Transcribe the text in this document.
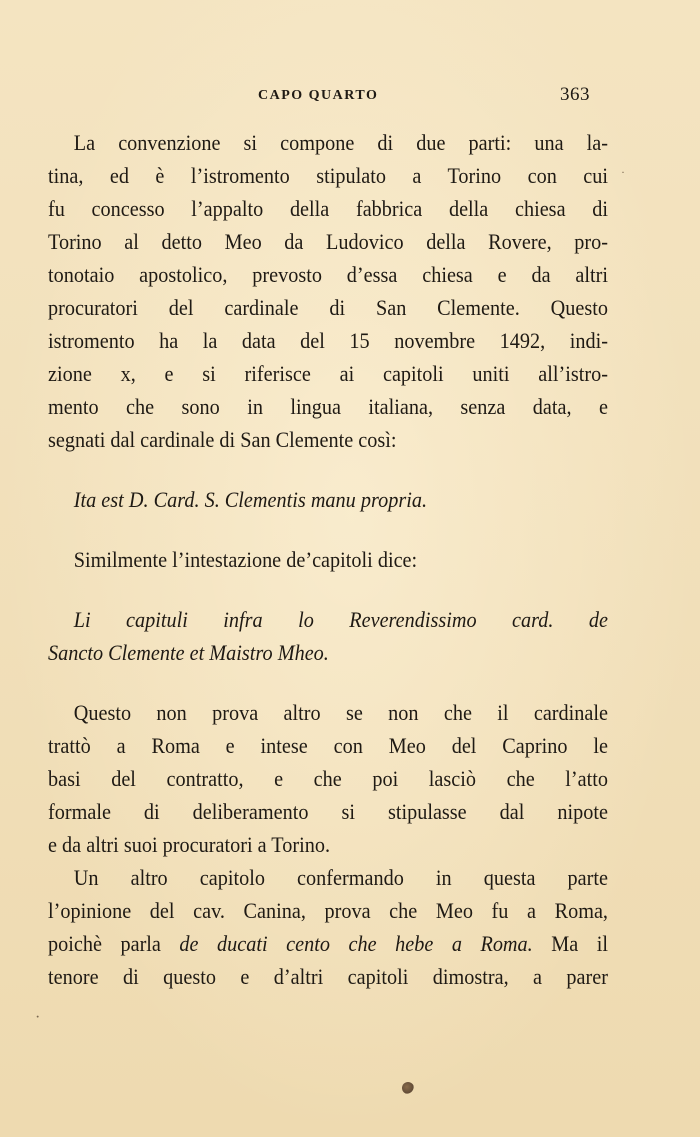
CAPO QUARTO	363
La convenzione si compone di due parti: una la-
tina, ed è l’istromento stipulato a Torino con cui
fu concesso l’appalto della fabbrica della chiesa di
Torino al detto Meo da Ludovico della Rovere, pro-
tonotaio apostolico, prevosto d’essa chiesa e da altri
procuratori del cardinale di San Clemente. Questo
istromento ha la data del 15 novembre 1492, indi-
zione x, e si riferisce ai capitoli uniti all’istro-
mento che sono in lingua italiana, senza data, e
segnati dal cardinale di San Clemente così:
Ita est D. Card. S. Clementis manu propria.
Similmente l’intestazione de’capitoli dice:
Li capituli infra lo Reverendissimo card. de
Sancto Clemente et Maistro Mheo.
Questo non prova altro se non che il cardinale
trattò a Roma e intese con Meo del Caprino le
basi del contratto, e che poi lasciò che l’atto
formale di deliberamento si stipulasse dal nipote
e da altri suoi procuratori a Torino.
Un altro capitolo confermando in questa parte
l’opinione del cav. Canina, prova che Meo fu a Roma,
poichè parla de ducati cento che hebe a Roma. Ma il
tenore di questo e d’altri capitoli dimostra, a parer
·
·
